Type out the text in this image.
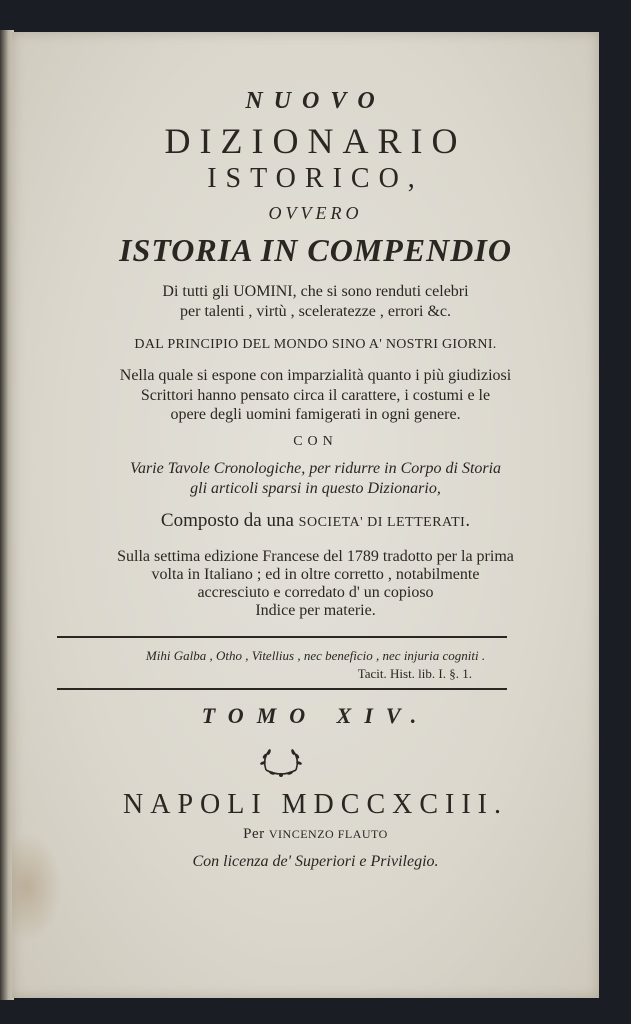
NUOVO
DIZIONARIO
ISTORICO,
OVVERO
ISTORIA IN COMPENDIO
Di tutti gli UOMINI, che si sono renduti celebri
per talenti , virtù , sceleratezze , errori &c.
DAL PRINCIPIO DEL MONDO SINO A' NOSTRI GIORNI.
Nella quale si espone con imparzialità quanto i più giudiziosi
Scrittori hanno pensato circa il carattere, i costumi e le
opere degli uomini famigerati in ogni genere.
CON
Varie Tavole Cronologiche, per ridurre in Corpo di Storia
gli articoli sparsi in questo Dizionario,
Composto da una SOCIETA' DI LETTERATI.
Sulla settima edizione Francese del 1789 tradotto per la prima
volta in Italiano ; ed in oltre corretto , notabilmente
accresciuto e corredato d' un copioso
Indice per materie.
Mihi Galba , Otho , Vitellius , nec beneficio , nec injuria cogniti .
Tacit. Hist. lib. I. §. 1.
TOMO XIV.
NAPOLI MDCCXCIII.
Per VINCENZO FLAUTO
Con licenza de' Superiori e Privilegio.
